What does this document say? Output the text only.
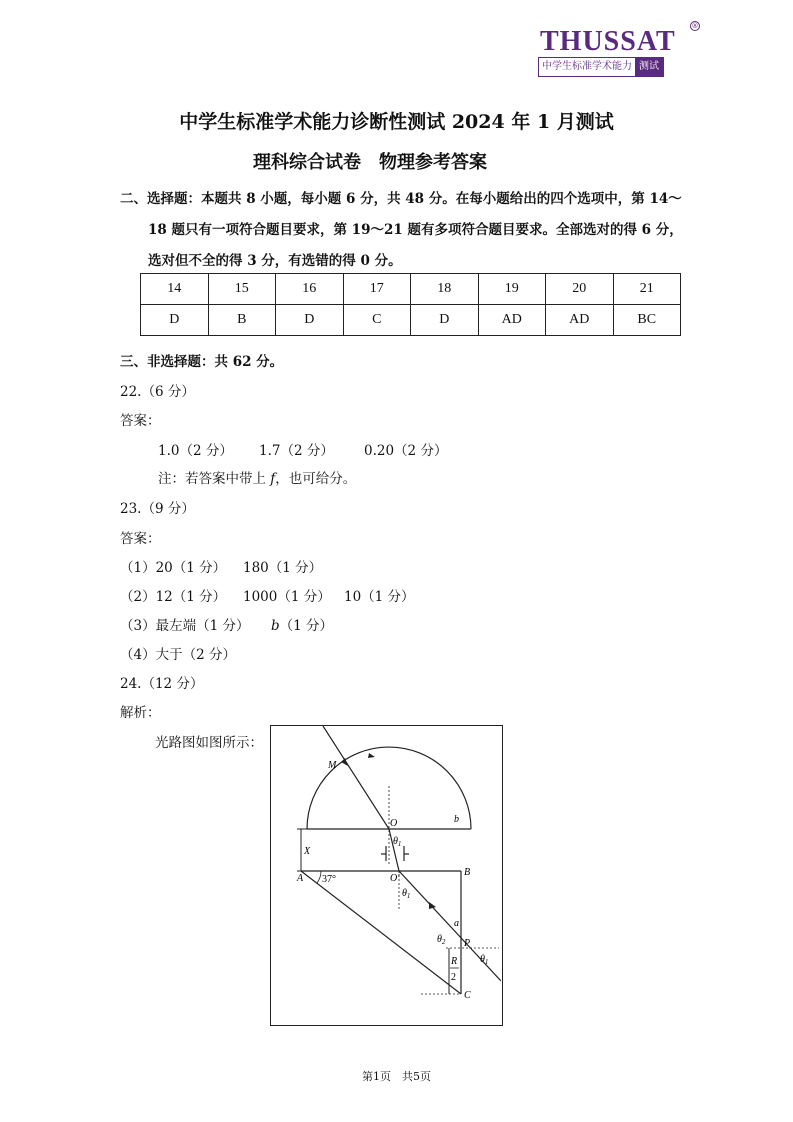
THUSSAT ®
中学生标准学术能力 测试
中学生标准学术能力诊断性测试 2024 年 1 月测试
理科综合试卷　物理参考答案
二、选择题：本题共 8 小题，每小题 6 分，共 48 分。在每小题给出的四个选项中，第 14～
18 题只有一项符合题目要求，第 19～21 题有多项符合题目要求。全部选对的得 6 分，
选对但不全的得 3 分，有选错的得 0 分。
14	15	16	17	18	19	20	21
D	B	D	C	D	AD	AD	BC
三、非选择题：共 62 分。
22.（6 分）
答案：
1.0（2 分） 1.7（2 分） 0.20（2 分）
注：若答案中带上 f，也可给分。
23.（9 分）
答案：
（1）20（1 分） 180（1 分）
（2）12（1 分） 1000（1 分） 10（1 分）
（3）最左端（1 分） b（1 分）
（4）大于（2 分）
24.（12 分）
解析：
光路图如图所示：
M
O	b
$\theta_1$
X
A 37°	O′
B
$\theta_1$
a
$\theta_2$ P
$\theta_1$
R
2
C
第1页　共5页
